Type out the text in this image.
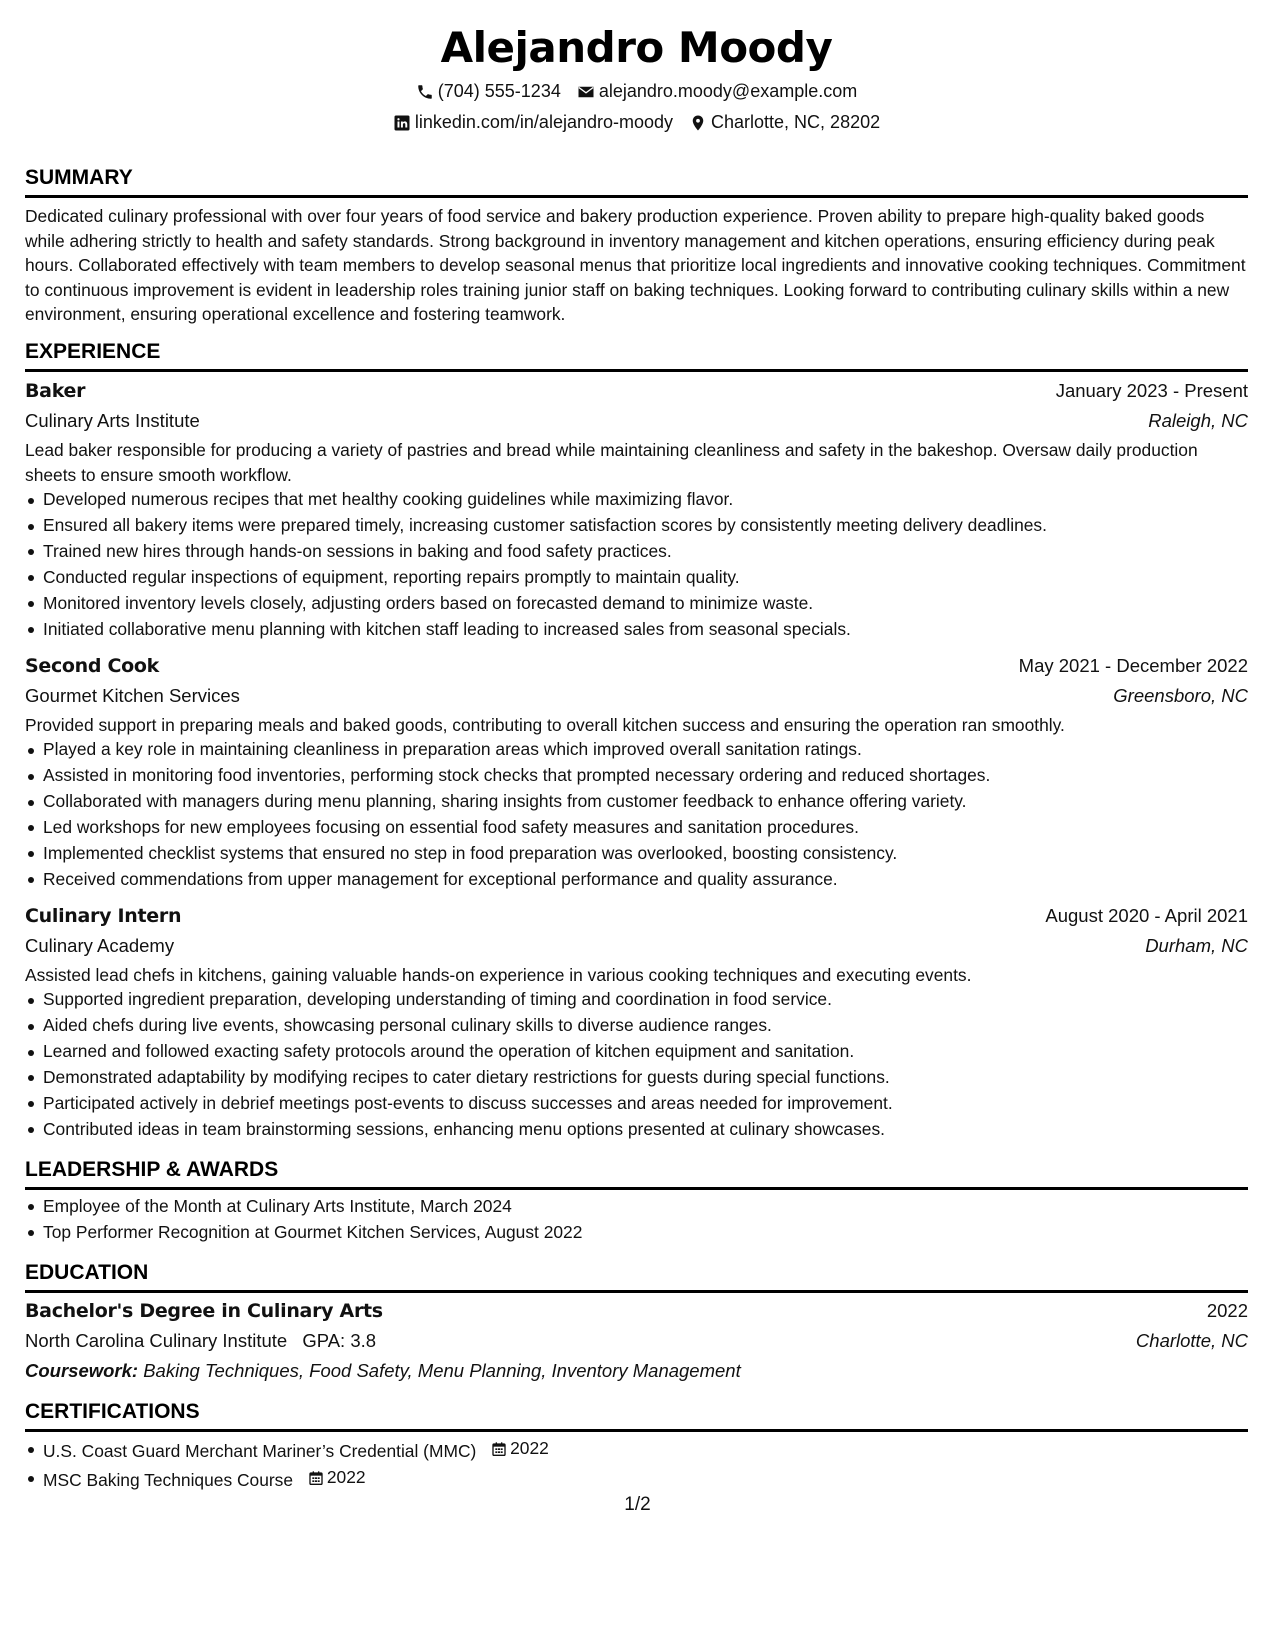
Alejandro Moody
(704) 555-1234 alejandro.moody@example.com
linkedin.com/in/alejandro-moody Charlotte, NC, 28202
SUMMARY
Dedicated culinary professional with over four years of food service and bakery production experience. Proven ability to prepare high-quality baked goods while adhering strictly to health and safety standards. Strong background in inventory management and kitchen operations, ensuring efficiency during peak hours. Collaborated effectively with team members to develop seasonal menus that prioritize local ingredients and innovative cooking techniques. Commitment to continuous improvement is evident in leadership roles training junior staff on baking techniques. Looking forward to contributing culinary skills within a new environment, ensuring operational excellence and fostering teamwork.
EXPERIENCE
Baker	January 2023 - Present
Culinary Arts Institute	Raleigh, NC
Lead baker responsible for producing a variety of pastries and bread while maintaining cleanliness and safety in the bakeshop. Oversaw daily production sheets to ensure smooth workflow.
Developed numerous recipes that met healthy cooking guidelines while maximizing flavor.
Ensured all bakery items were prepared timely, increasing customer satisfaction scores by consistently meeting delivery deadlines.
Trained new hires through hands-on sessions in baking and food safety practices.
Conducted regular inspections of equipment, reporting repairs promptly to maintain quality.
Monitored inventory levels closely, adjusting orders based on forecasted demand to minimize waste.
Initiated collaborative menu planning with kitchen staff leading to increased sales from seasonal specials.
Second Cook	May 2021 - December 2022
Gourmet Kitchen Services	Greensboro, NC
Provided support in preparing meals and baked goods, contributing to overall kitchen success and ensuring the operation ran smoothly.
Played a key role in maintaining cleanliness in preparation areas which improved overall sanitation ratings.
Assisted in monitoring food inventories, performing stock checks that prompted necessary ordering and reduced shortages.
Collaborated with managers during menu planning, sharing insights from customer feedback to enhance offering variety.
Led workshops for new employees focusing on essential food safety measures and sanitation procedures.
Implemented checklist systems that ensured no step in food preparation was overlooked, boosting consistency.
Received commendations from upper management for exceptional performance and quality assurance.
Culinary Intern	August 2020 - April 2021
Culinary Academy	Durham, NC
Assisted lead chefs in kitchens, gaining valuable hands-on experience in various cooking techniques and executing events.
Supported ingredient preparation, developing understanding of timing and coordination in food service.
Aided chefs during live events, showcasing personal culinary skills to diverse audience ranges.
Learned and followed exacting safety protocols around the operation of kitchen equipment and sanitation.
Demonstrated adaptability by modifying recipes to cater dietary restrictions for guests during special functions.
Participated actively in debrief meetings post-events to discuss successes and areas needed for improvement.
Contributed ideas in team brainstorming sessions, enhancing menu options presented at culinary showcases.
LEADERSHIP & AWARDS
Employee of the Month at Culinary Arts Institute, March 2024
Top Performer Recognition at Gourmet Kitchen Services, August 2022
EDUCATION
Bachelor's Degree in Culinary Arts	2022
North Carolina Culinary Institute GPA: 3.8	Charlotte, NC
Coursework: Baking Techniques, Food Safety, Menu Planning, Inventory Management
CERTIFICATIONS
U.S. Coast Guard Merchant Mariner’s Credential (MMC) 2022
MSC Baking Techniques Course 2022
1/2
